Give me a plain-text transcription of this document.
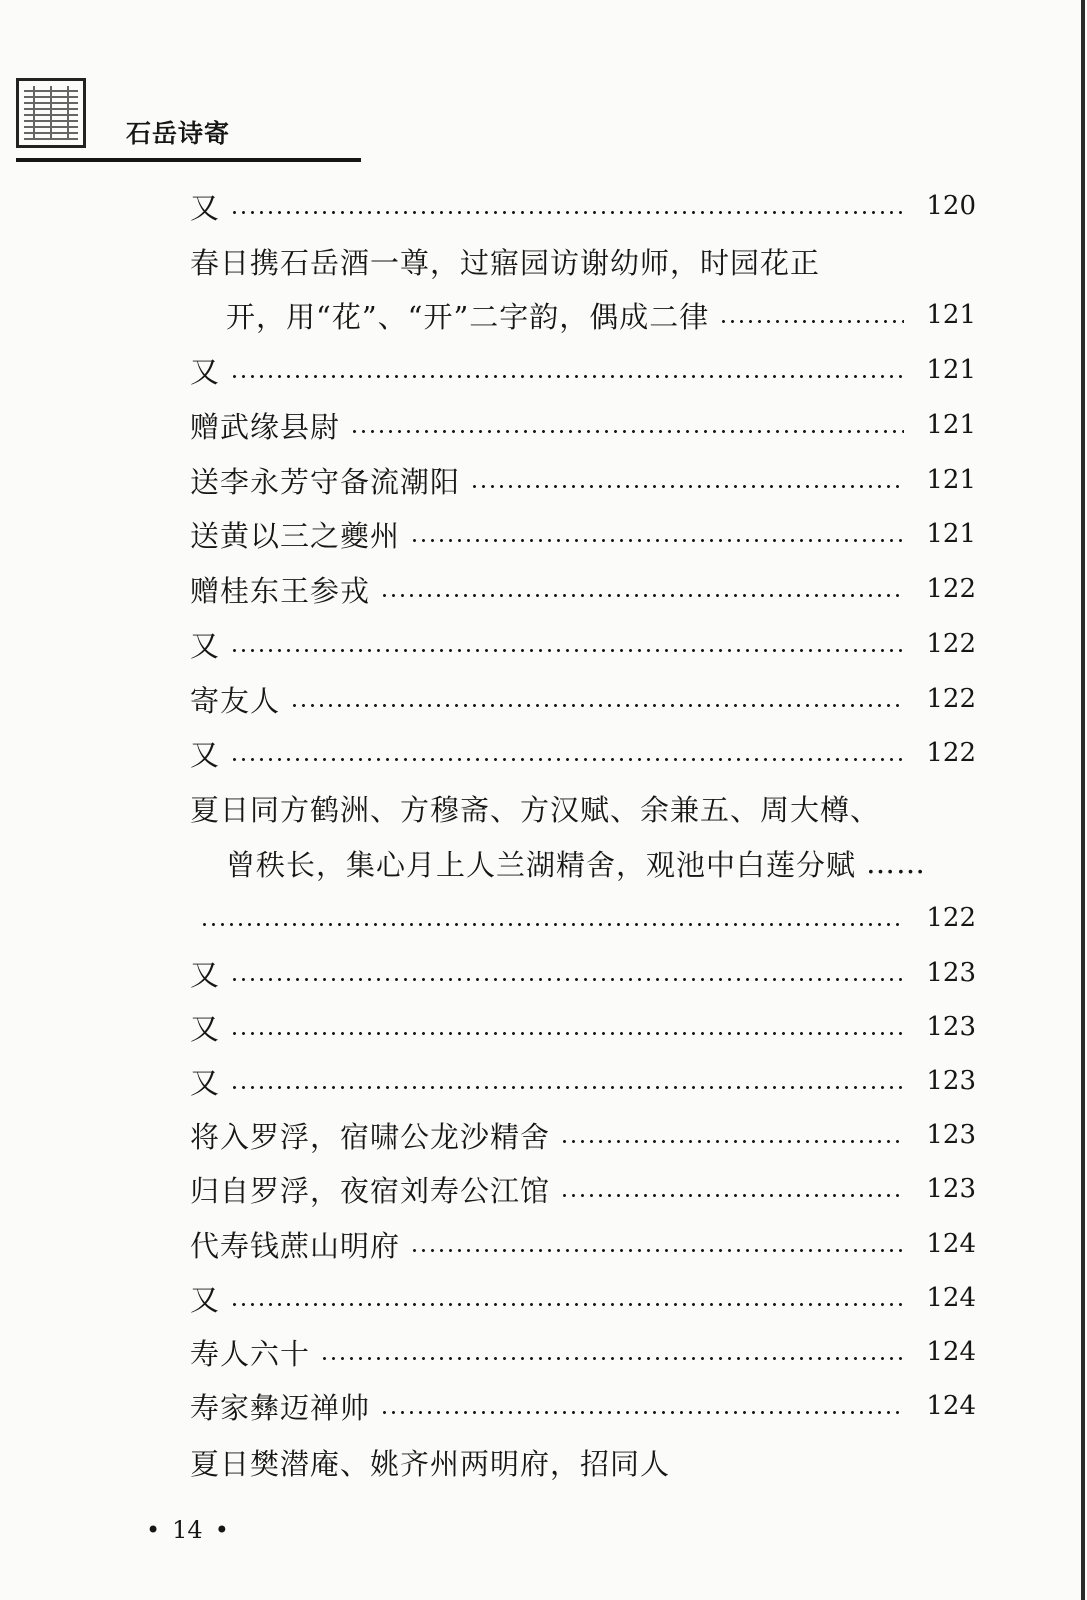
石岳诗寄
又	120
春日携石岳酒一尊，过寤园访谢幼师，时园花正
开，用“花”、“开”二字韵，偶成二律	121
又	121
赠武缘县尉	121
送李永芳守备流潮阳	121
送黄以三之夔州	121
赠桂东王参戎	122
又	122
寄友人	122
又	122
夏日同方鹤洲、方穆斋、方汉赋、余兼五、周大樽、
曾秩长，集心月上人兰湖精舍，观池中白莲分赋 ……
122
又	123
又	123
又	123
将入罗浮，宿啸公龙沙精舍	123
归自罗浮，夜宿刘寿公江馆	123
代寿钱蔗山明府	124
又	124
寿人六十	124
寿家彝迈禅帅	124
夏日樊潜庵、姚齐州两明府，招同人
• 14 •
